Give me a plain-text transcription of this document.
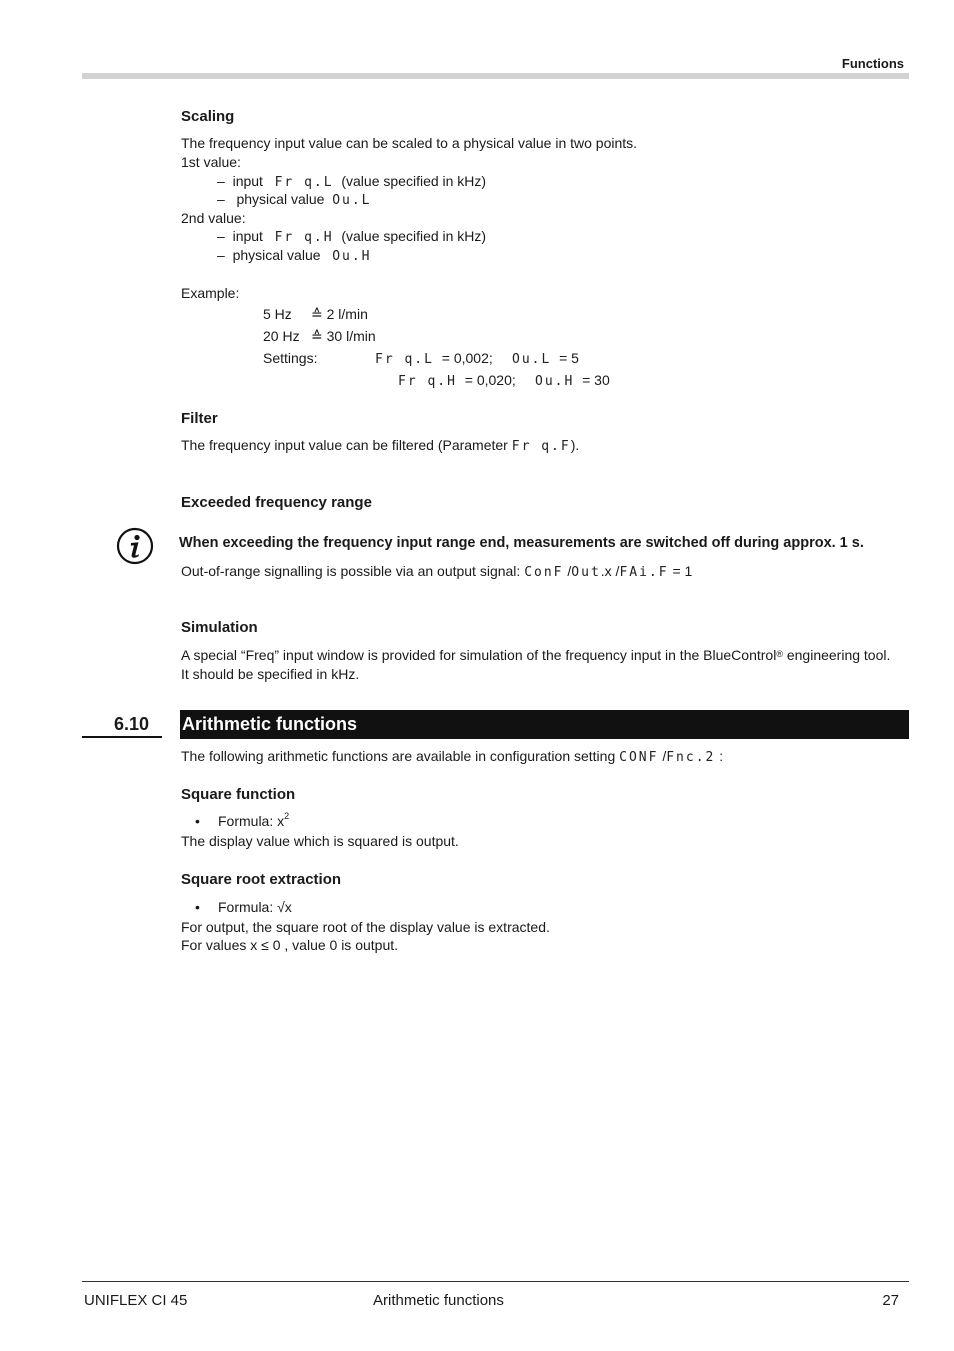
Functions
Scaling
The frequency input value can be scaled to a physical value in two points.
1st value:
– input Fr q.L (value specified in kHz)
– physical value Ou.L
2nd value:
– input Fr q.H (value specified in kHz)
– physical value Ou.H
Example:
5 Hz ≙ 2 l/min
20 Hz ≙ 30 l/min
Settings:	Fr q.L = 0,002; Ou.L = 5
Fr q.H = 0,020; Ou.H = 30
Filter
The frequency input value can be filtered (Parameter Fr q.F).
Exceeded frequency range
When exceeding the frequency input range end, measurements are switched off during approx. 1 s.
Out-of-range signalling is possible via an output signal: ConF /Out.x /FAi.F = 1
Simulation
A special “Freq” input window is provided for simulation of the frequency input in the BlueControl® engineering tool.
It should be specified in kHz.
6.10 Arithmetic functions
The following arithmetic functions are available in configuration setting CONF /Fnc.2 :
Square function
• Formula: $x^2$
The display value which is squared is output.
Square root extraction
• Formula: √x
For output, the square root of the display value is extracted.
For values x ≤ 0 , value 0 is output.
UNIFLEX CI 45	Arithmetic functions	27
